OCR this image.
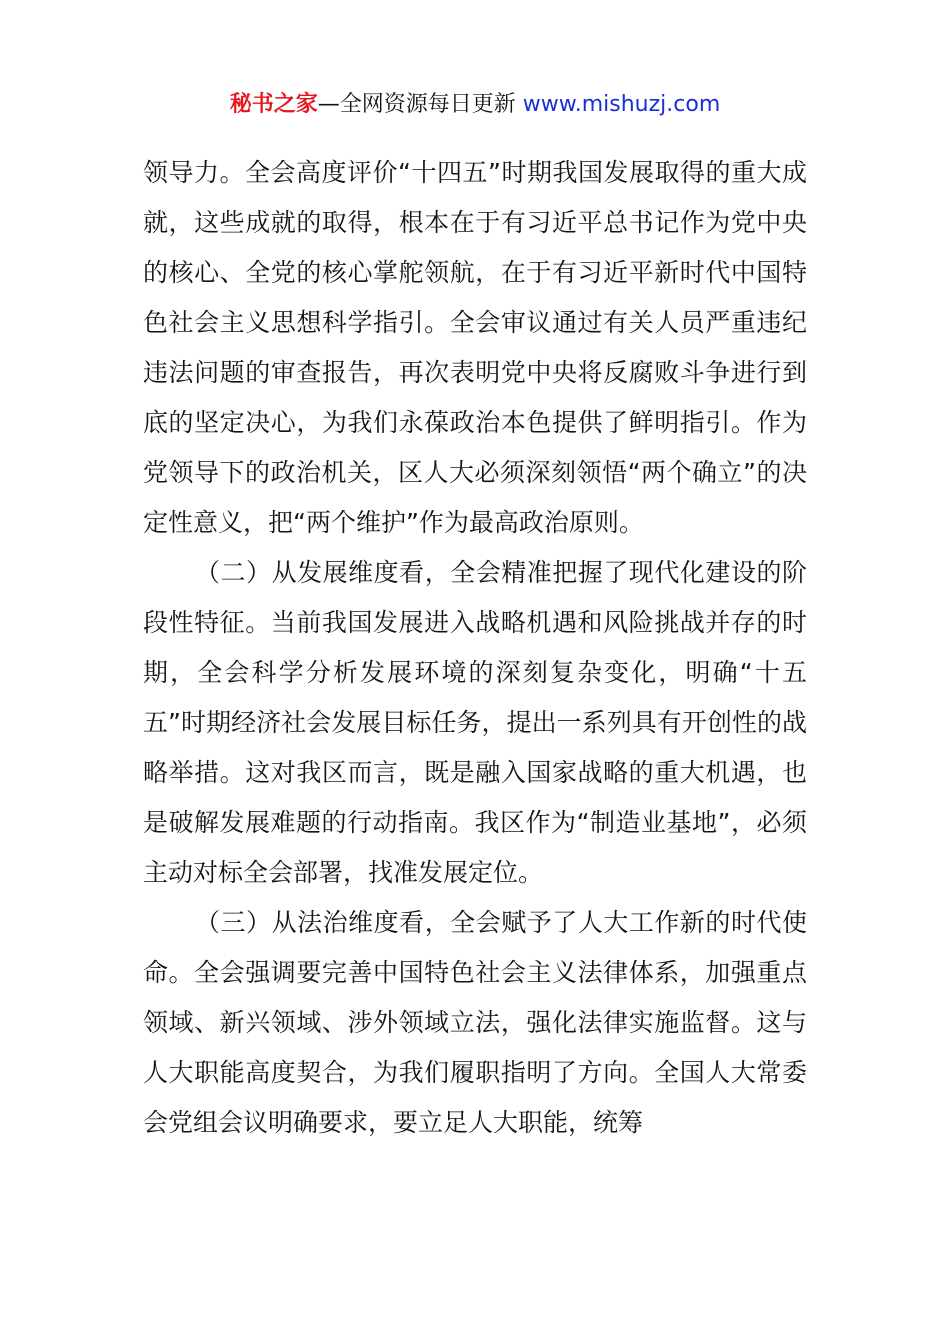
秘书之家—全网资源每日更新 www.mishuzj.com

领导力。全会高度评价“十四五”时期我国发展取得的重大成就，这些成就的取得，根本在于有习近平总书记作为党中央的核心、全党的核心掌舵领航，在于有习近平新时代中国特色社会主义思想科学指引。全会审议通过有关人员严重违纪违法问题的审查报告，再次表明党中央将反腐败斗争进行到底的坚定决心，为我们永葆政治本色提供了鲜明指引。作为党领导下的政治机关，区人大必须深刻领悟“两个确立”的决定性意义，把“两个维护”作为最高政治原则。

（二）从发展维度看，全会精准把握了现代化建设的阶段性特征。当前我国发展进入战略机遇和风险挑战并存的时期，全会科学分析发展环境的深刻复杂变化，明确“十五五”时期经济社会发展目标任务，提出一系列具有开创性的战略举措。这对我区而言，既是融入国家战略的重大机遇，也是破解发展难题的行动指南。我区作为“制造业基地”，必须主动对标全会部署，找准发展定位。

（三）从法治维度看，全会赋予了人大工作新的时代使命。全会强调要完善中国特色社会主义法律体系，加强重点领域、新兴领域、涉外领域立法，强化法律实施监督。这与人大职能高度契合，为我们履职指明了方向。全国人大常委会党组会议明确要求，要立足人大职能，统筹
